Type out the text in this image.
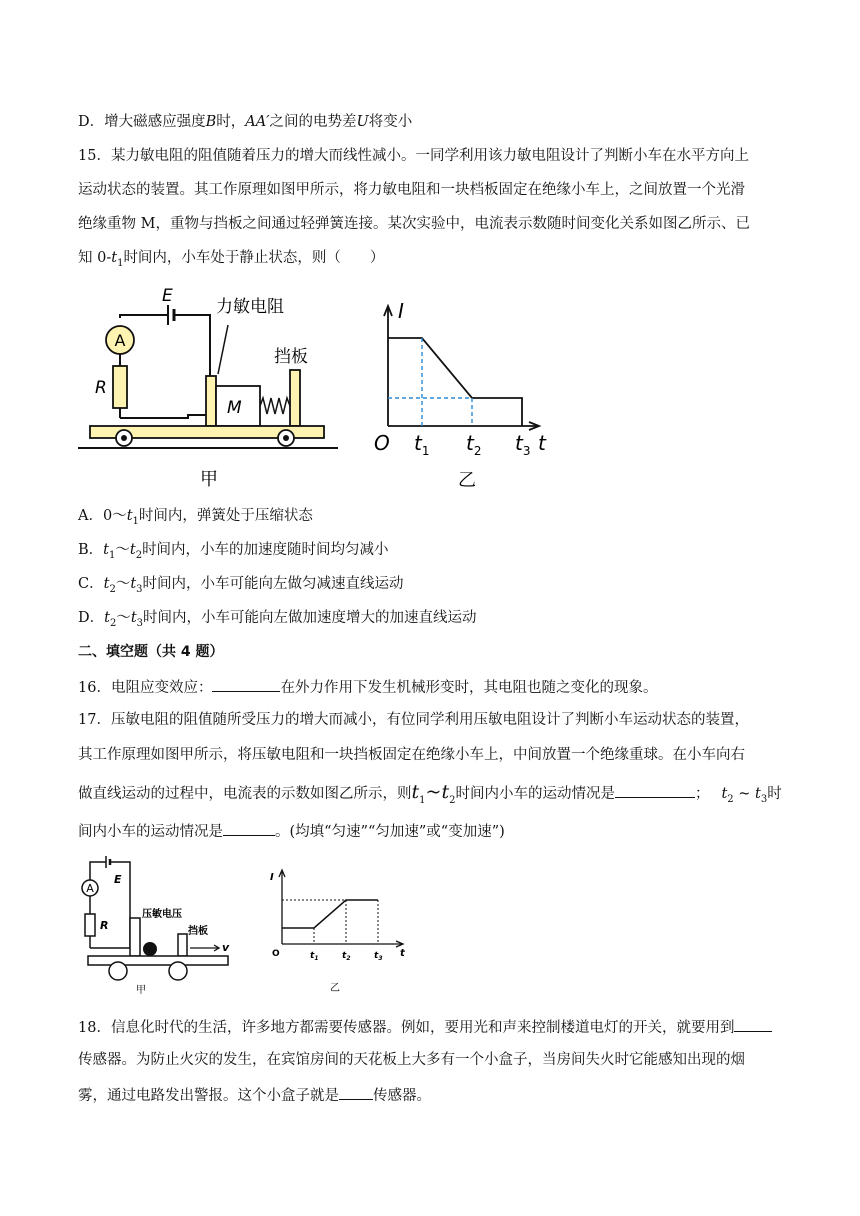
D．增大磁感应强度B时，AA′之间的电势差U将变小
15．某力敏电阻的阻值随着压力的增大而线性减小。一同学利用该力敏电阻设计了判断小车在水平方向上
运动状态的装置。其工作原理如图甲所示，将力敏电阻和一块档板固定在绝缘小车上，之间放置一个光滑
绝缘重物 M，重物与挡板之间通过轻弹簧连接。某次实验中，电流表示数随时间变化关系如图乙所示、已
知 $0-t_1$时间内，小车处于静止状态，则（　　）
A
R
E
力敏电阻
M
挡板
甲
I
O $t_1$ $t_2$ $t_3$ t
乙
A．$0\sim t_1$时间内，弹簧处于压缩状态
B．$t_1\sim t_2$时间内，小车的加速度随时间均匀减小
C．$t_2\sim t_3$时间内，小车可能向左做匀减速直线运动
D．$t_2\sim t_3$时间内，小车可能向左做加速度增大的加速直线运动
二、填空题（共 4 题）
16．电阻应变效应：	在外力作用下发生机械形变时，其电阻也随之变化的现象。
17．压敏电阻的阻值随所受压力的增大而减小，有位同学利用压敏电阻设计了判断小车运动状态的装置，
其工作原理如图甲所示，将压敏电阻和一块挡板固定在绝缘小车上，中间放置一个绝缘重球。在小车向右
做直线运动的过程中，电流表的示数如图乙所示，则$t_1\sim t_2$时间内小车的运动情况是	； $t_2$ ~ $t_3$时
间内小车的运动情况是	。(均填“匀速”“匀加速”或“变加速”)
A
R
E
压敏电压
挡板
v
甲
I
O	$t_1$	$t_2$	$t_3$ t
乙
18．信息化时代的生活，许多地方都需要传感器。例如，要用光和声来控制楼道电灯的开关，就要用到
传感器。为防止火灾的发生，在宾馆房间的天花板上大多有一个小盒子，当房间失火时它能感知出现的烟
雾，通过电路发出警报。这个小盒子就是 传感器。
